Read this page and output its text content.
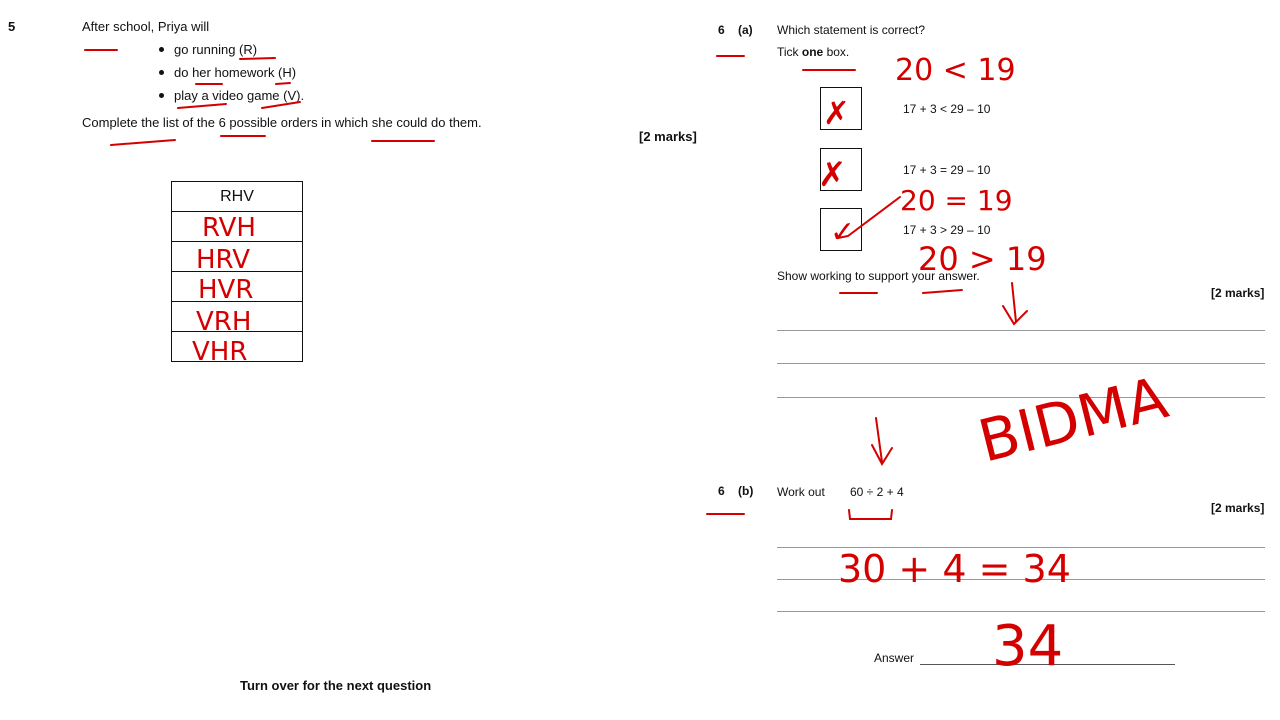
5	After school, Priya will
go running (R)
do her homework (H)
play a video game (V).
Complete the list of the 6 possible orders in which she could do them.
[2 marks]
RHV
Turn over for the next question
6 (a) Which statement is correct?
Tick one box.
17 + 3 < 29 – 10
17 + 3 = 29 – 10
17 + 3 > 29 – 10
Show working to support your answer.
[2 marks]
6 (b) Work out 60 ÷ 2 + 4
[2 marks]
Answer
20 < 19
20 = 19
20 > 19
✗
✗
✓
BIDMA
30 + 4 = 34
34
RVH
HRV
HVR
VRH
VHR
